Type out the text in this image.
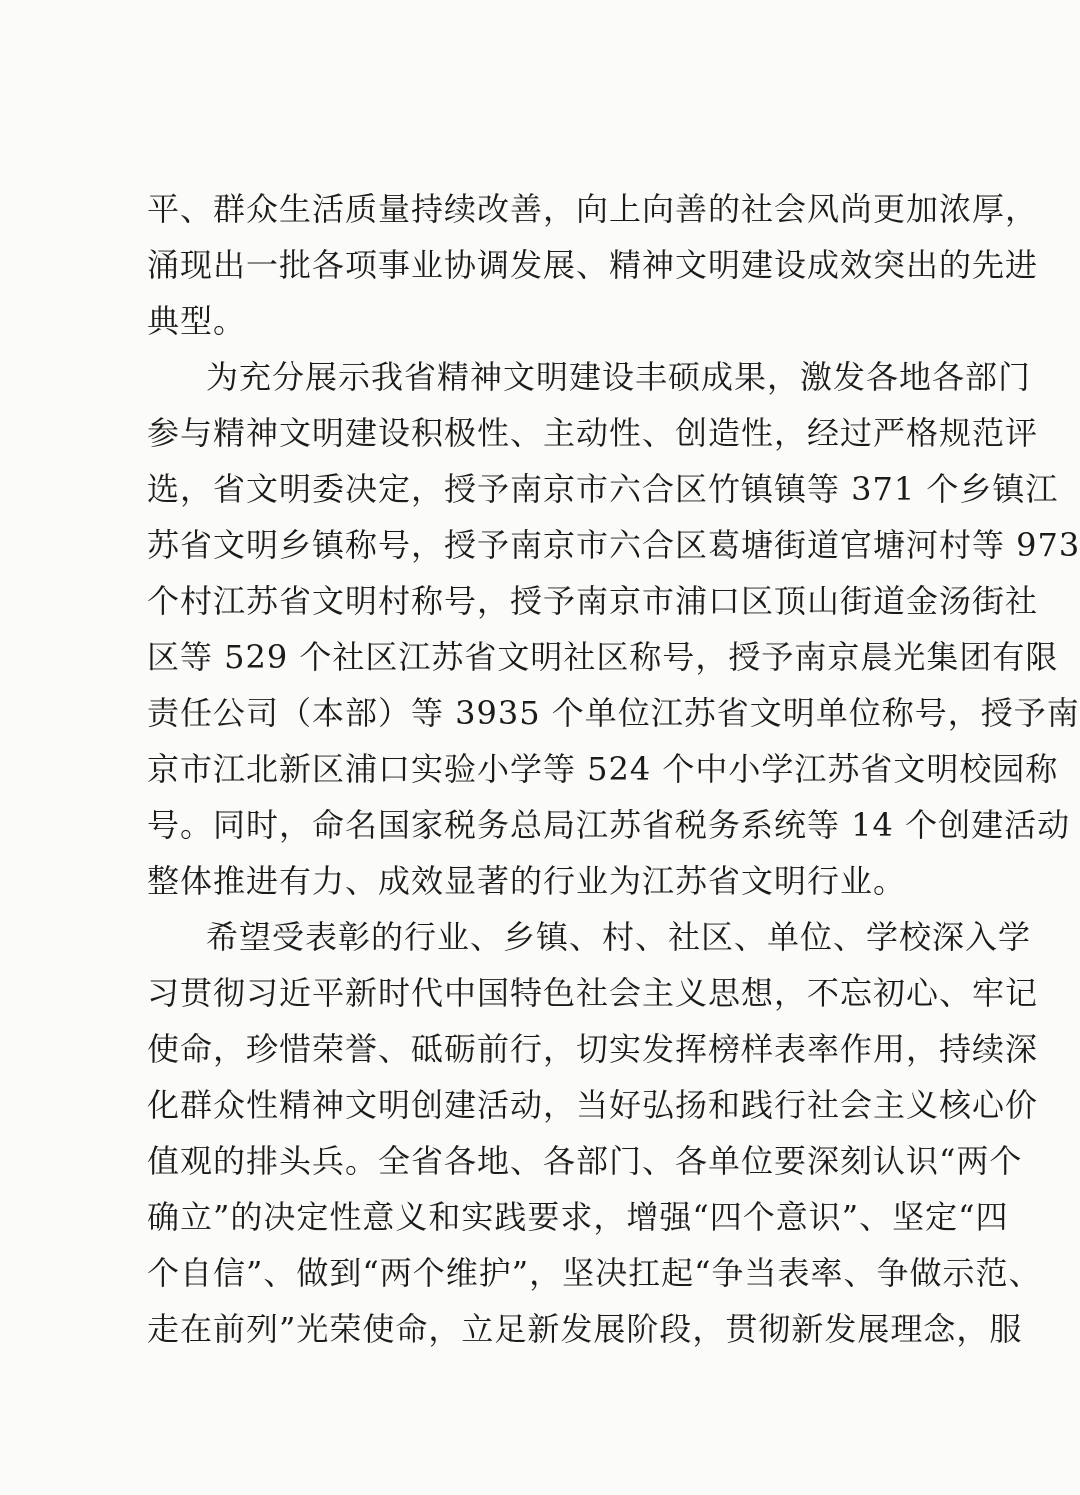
平、群众生活质量持续改善，向上向善的社会风尚更加浓厚，
涌现出一批各项事业协调发展、精神文明建设成效突出的先进
典型。
为充分展示我省精神文明建设丰硕成果，激发各地各部门
参与精神文明建设积极性、主动性、创造性，经过严格规范评
选，省文明委决定，授予南京市六合区竹镇镇等 371 个乡镇江
苏省文明乡镇称号，授予南京市六合区葛塘街道官塘河村等 973
个村江苏省文明村称号，授予南京市浦口区顶山街道金汤街社
区等 529 个社区江苏省文明社区称号，授予南京晨光集团有限
责任公司（本部）等 3935 个单位江苏省文明单位称号，授予南
京市江北新区浦口实验小学等 524 个中小学江苏省文明校园称
号。同时，命名国家税务总局江苏省税务系统等 14 个创建活动
整体推进有力、成效显著的行业为江苏省文明行业。
希望受表彰的行业、乡镇、村、社区、单位、学校深入学
习贯彻习近平新时代中国特色社会主义思想，不忘初心、牢记
使命，珍惜荣誉、砥砺前行，切实发挥榜样表率作用，持续深
化群众性精神文明创建活动，当好弘扬和践行社会主义核心价
值观的排头兵。全省各地、各部门、各单位要深刻认识“两个
确立”的决定性意义和实践要求，增强“四个意识”、坚定“四
个自信”、做到“两个维护”，坚决扛起“争当表率、争做示范、
走在前列”光荣使命，立足新发展阶段，贯彻新发展理念，服
